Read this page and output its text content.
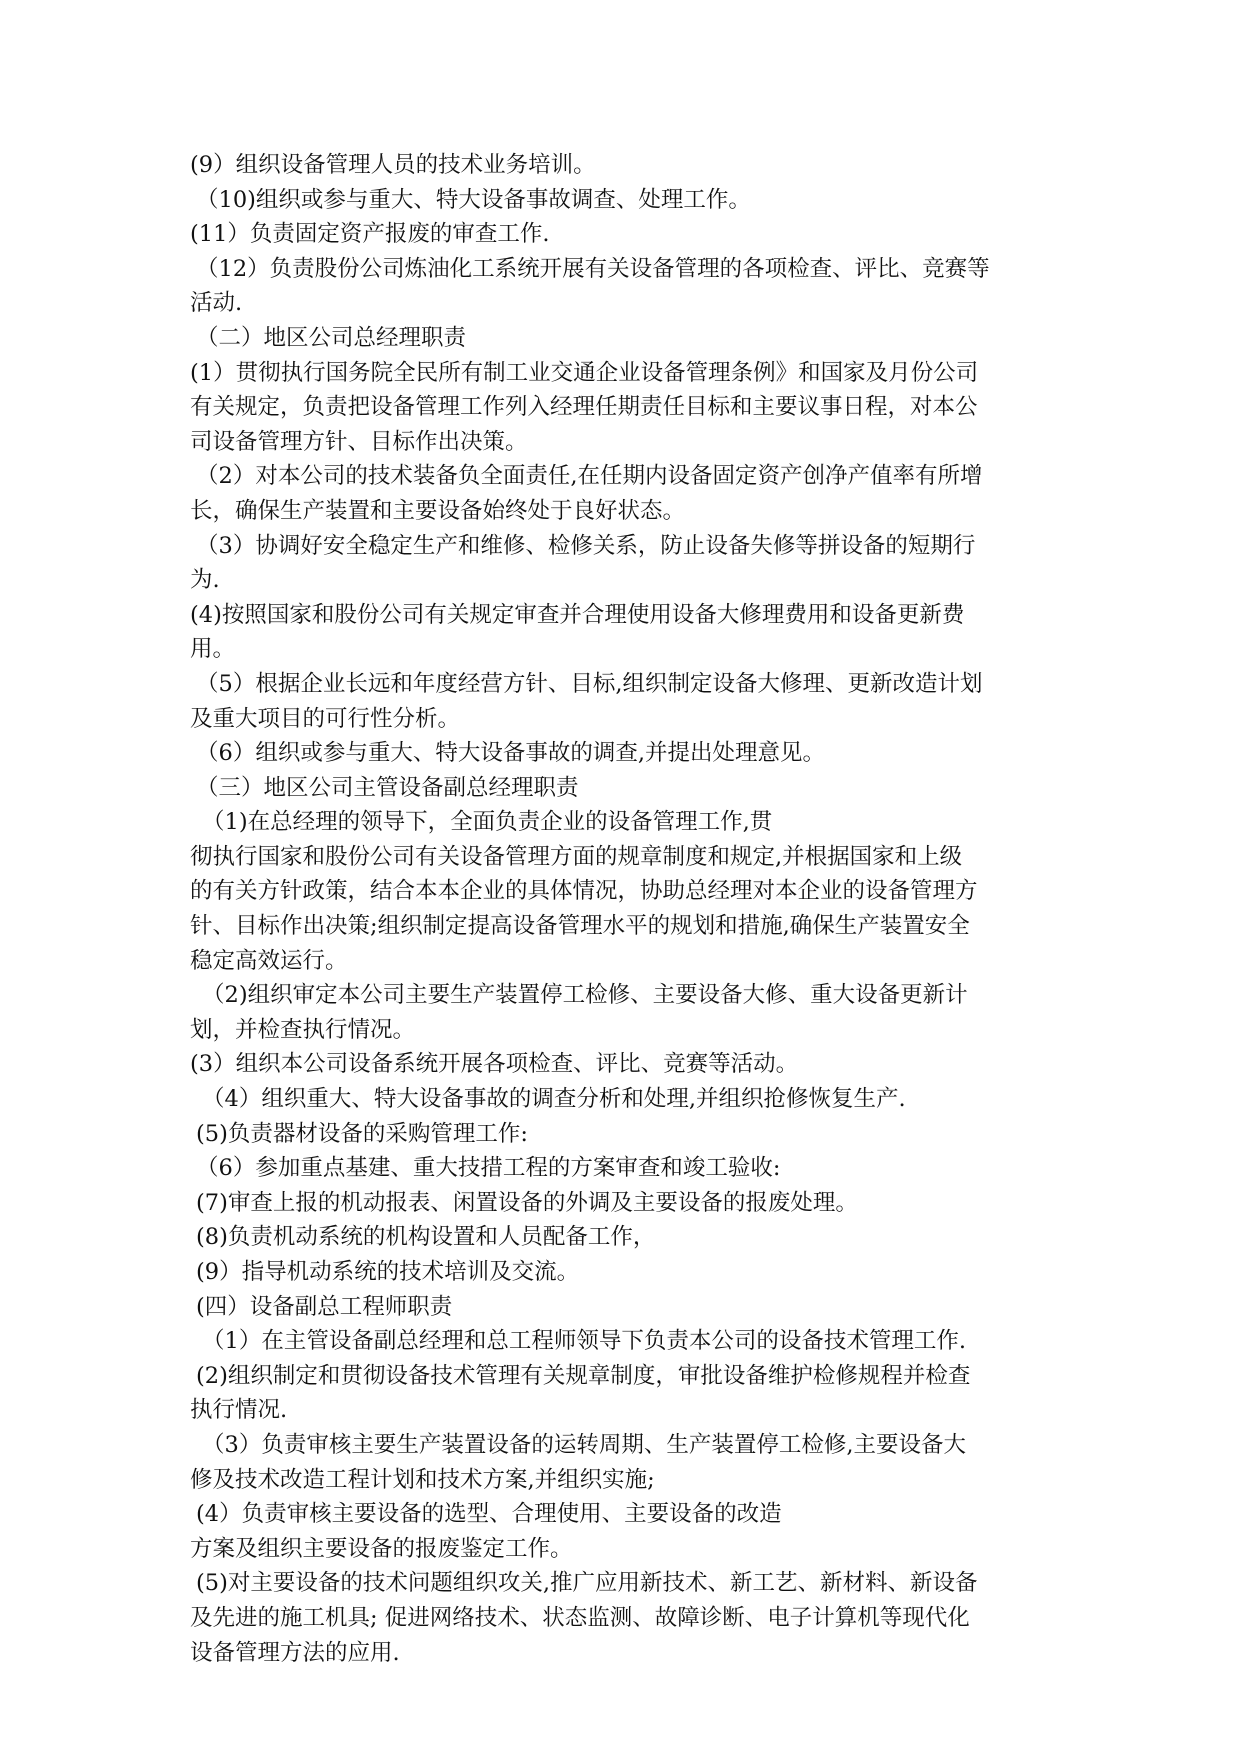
(9）组织设备管理人员的技术业务培训。
（10)组织或参与重大、特大设备事故调查、处理工作。
(11）负责固定资产报废的审查工作.
（12）负责股份公司炼油化工系统开展有关设备管理的各项检查、评比、竞赛等
活动.
（二）地区公司总经理职责
(1）贯彻执行国务院全民所有制工业交通企业设备管理条例》和国家及月份公司
有关规定，负责把设备管理工作列入经理任期责任目标和主要议事日程，对本公
司设备管理方针、目标作出决策。
（2）对本公司的技术装备负全面责任,在任期内设备固定资产创净产值率有所增
长，确保生产装置和主要设备始终处于良好状态。
（3）协调好安全稳定生产和维修、检修关系，防止设备失修等拼设备的短期行
为.
(4)按照国家和股份公司有关规定审查并合理使用设备大修理费用和设备更新费
用。
（5）根据企业长远和年度经营方针、目标,组织制定设备大修理、更新改造计划
及重大项目的可行性分析。
（6）组织或参与重大、特大设备事故的调查,并提出处理意见。
（三）地区公司主管设备副总经理职责
（1)在总经理的领导下，全面负责企业的设备管理工作,贯
彻执行国家和股份公司有关设备管理方面的规章制度和规定,并根据国家和上级
的有关方针政策，结合本本企业的具体情况，协助总经理对本企业的设备管理方
针、目标作出决策;组织制定提高设备管理水平的规划和措施,确保生产装置安全
稳定高效运行。
（2)组织审定本公司主要生产装置停工检修、主要设备大修、重大设备更新计
划，并检查执行情况。
(3）组织本公司设备系统开展各项检查、评比、竞赛等活动。
（4）组织重大、特大设备事故的调查分析和处理,并组织抢修恢复生产.
(5)负责器材设备的采购管理工作:
（6）参加重点基建、重大技措工程的方案审查和竣工验收:
(7)审查上报的机动报表、闲置设备的外调及主要设备的报废处理。
(8)负责机动系统的机构设置和人员配备工作，
(9）指导机动系统的技术培训及交流。
(四）设备副总工程师职责
（1）在主管设备副总经理和总工程师领导下负责本公司的设备技术管理工作.
(2)组织制定和贯彻设备技术管理有关规章制度，审批设备维护检修规程并检查
执行情况.
（3）负责审核主要生产装置设备的运转周期、生产装置停工检修,主要设备大
修及技术改造工程计划和技术方案,并组织实施;
(4）负责审核主要设备的选型、合理使用、主要设备的改造
方案及组织主要设备的报废鉴定工作。
(5)对主要设备的技术问题组织攻关,推广应用新技术、新工艺、新材料、新设备
及先进的施工机具; 促进网络技术、状态监测、故障诊断、电子计算机等现代化
设备管理方法的应用.
